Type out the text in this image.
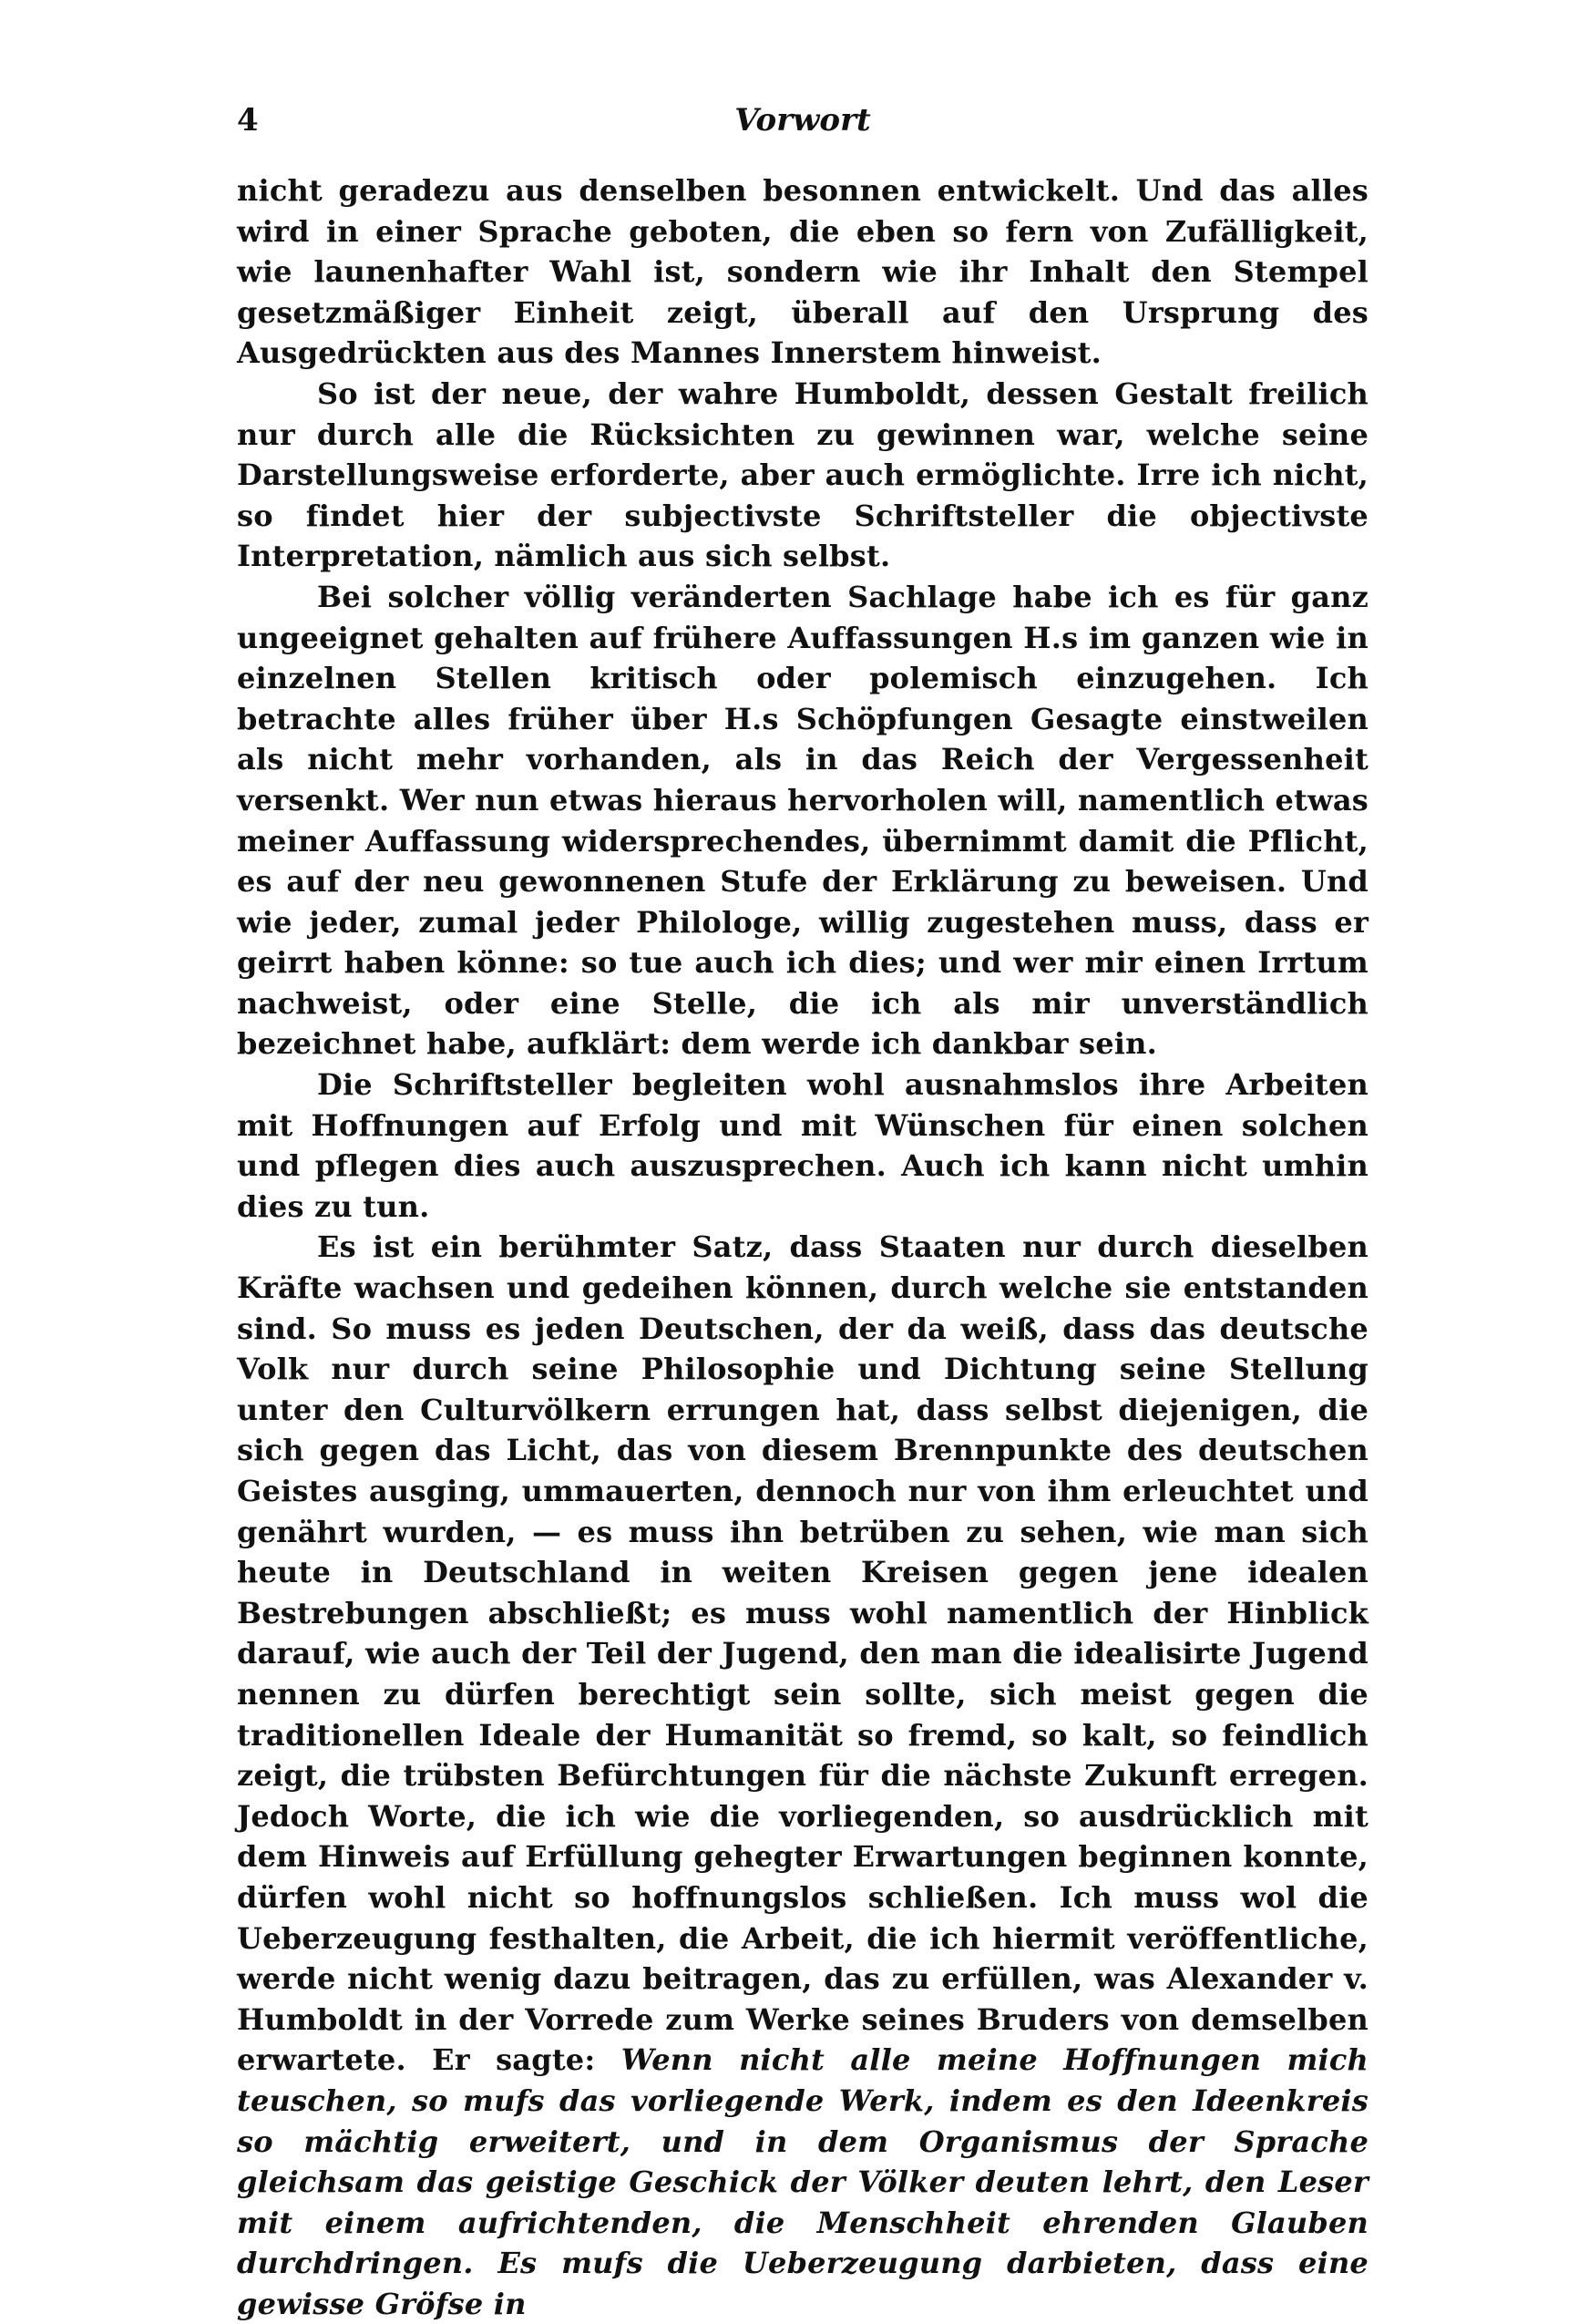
4	Vorwort

nicht geradezu aus denselben besonnen entwickelt. Und das alles wird in einer Sprache geboten, die eben so fern von Zufälligkeit, wie launenhafter Wahl ist, sondern wie ihr Inhalt den Stempel gesetzmäßiger Einheit zeigt, überall auf den Ursprung des Ausgedrückten aus des Mannes Innerstem hinweist.

So ist der neue, der wahre Humboldt, dessen Gestalt freilich nur durch alle die Rücksichten zu gewinnen war, welche seine Darstellungsweise erforderte, aber auch ermöglichte. Irre ich nicht, so findet hier der subjectivste Schriftsteller die objectivste Interpretation, nämlich aus sich selbst.

Bei solcher völlig veränderten Sachlage habe ich es für ganz ungeeignet gehalten auf frühere Auffassungen H.s im ganzen wie in einzelnen Stellen kritisch oder polemisch einzugehen. Ich betrachte alles früher über H.s Schöpfungen Gesagte einstweilen als nicht mehr vorhanden, als in das Reich der Vergessenheit versenkt. Wer nun etwas hieraus hervorholen will, namentlich etwas meiner Auffassung widersprechendes, übernimmt damit die Pflicht, es auf der neu gewonnenen Stufe der Erklärung zu beweisen. Und wie jeder, zumal jeder Philologe, willig zugestehen muss, dass er geirrt haben könne: so tue auch ich dies; und wer mir einen Irrtum nachweist, oder eine Stelle, die ich als mir unverständlich bezeichnet habe, aufklärt: dem werde ich dankbar sein.

Die Schriftsteller begleiten wohl ausnahmslos ihre Arbeiten mit Hoffnungen auf Erfolg und mit Wünschen für einen solchen und pflegen dies auch auszusprechen. Auch ich kann nicht umhin dies zu tun.

Es ist ein berühmter Satz, dass Staaten nur durch dieselben Kräfte wachsen und gedeihen können, durch welche sie entstanden sind. So muss es jeden Deutschen, der da weiß, dass das deutsche Volk nur durch seine Philosophie und Dichtung seine Stellung unter den Culturvölkern errungen hat, dass selbst diejenigen, die sich gegen das Licht, das von diesem Brennpunkte des deutschen Geistes ausging, ummauerten, dennoch nur von ihm erleuchtet und genährt wurden, — es muss ihn betrüben zu sehen, wie man sich heute in Deutschland in weiten Kreisen gegen jene idealen Bestrebungen abschließt; es muss wohl namentlich der Hinblick darauf, wie auch der Teil der Jugend, den man die idealisirte Jugend nennen zu dürfen berechtigt sein sollte, sich meist gegen die traditionellen Ideale der Humanität so fremd, so kalt, so feindlich zeigt, die trübsten Befürchtungen für die nächste Zukunft erregen. Jedoch Worte, die ich wie die vorliegenden, so ausdrücklich mit dem Hinweis auf Erfüllung gehegter Erwartungen beginnen konnte, dürfen wohl nicht so hoffnungslos schließen. Ich muss wol die Ueberzeugung festhalten, die Arbeit, die ich hiermit veröffentliche, werde nicht wenig dazu beitragen, das zu erfüllen, was Alexander v. Humboldt in der Vorrede zum Werke seines Bruders von demselben erwartete. Er sagte: Wenn nicht alle meine Hoffnungen mich teuschen, so mufs das vorliegende Werk, indem es den Ideenkreis so mächtig erweitert, und in dem Organismus der Sprache gleichsam das geistige Geschick der Völker deuten lehrt, den Leser mit einem aufrichtenden, die Menschheit ehrenden Glauben durchdringen. Es mufs die Ueberzeugung darbieten, dass eine gewisse Gröfse in
